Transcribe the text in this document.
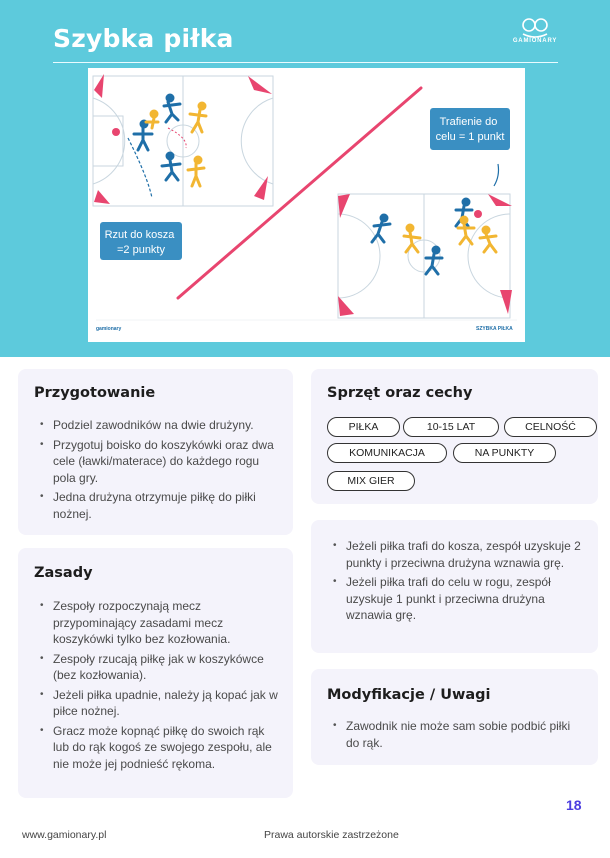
Szybka piłka	GAMIONARY
Rzut do kosza =2 punkty
Trafienie do celu = 1 punkt
gamionary	SZYBKA PIŁKA
Przygotowanie
• Podziel zawodników na dwie drużyny.
• Przygotuj boisko do koszykówki oraz dwa cele (ławki/materace) do każdego rogu pola gry.
• Jedna drużyna otrzymuje piłkę do piłki nożnej.
Sprzęt oraz cechy
PIŁKA	10-15 LAT	CELNOŚĆ
KOMUNIKACJA	NA PUNKTY
MIX GIER
Zasady
• Zespoły rozpoczynają mecz przypominający zasadami mecz koszykówki tylko bez kozłowania.
• Zespoły rzucają piłkę jak w koszykówce (bez kozłowania).
• Jeżeli piłka upadnie, należy ją kopać jak w piłce nożnej.
• Gracz może kopnąć piłkę do swoich rąk lub do rąk kogoś ze swojego zespołu, ale nie może jej podnieść rękoma.
• Jeżeli piłka trafi do kosza, zespół uzyskuje 2 punkty i przeciwna drużyna wznawia grę.
• Jeżeli piłka trafi do celu w rogu, zespół uzyskuje 1 punkt i przeciwna drużyna wznawia grę.
Modyfikacje / Uwagi
• Zawodnik nie może sam sobie podbić piłki do rąk.
18
www.gamionary.pl	Prawa autorskie zastrzeżone
